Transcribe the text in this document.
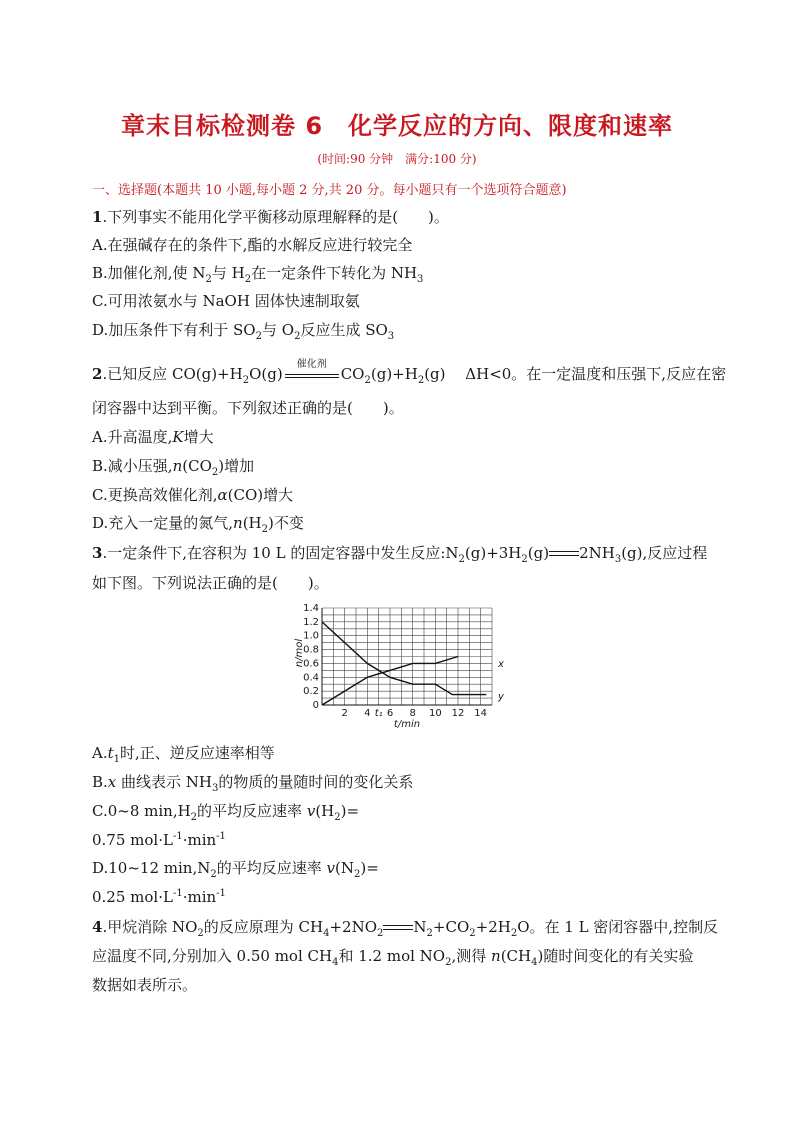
章末目标检测卷 6　化学反应的方向、限度和速率
(时间:90 分钟　满分:100 分)
一、选择题(本题共 10 小题,每小题 2 分,共 20 分。每小题只有一个选项符合题意)
1.下列事实不能用化学平衡移动原理解释的是(　　)。
A.在强碱存在的条件下,酯的水解反应进行较完全
B.加催化剂,使 $N_2$与 $H_2$在一定条件下转化为 $NH_3$
C.可用浓氨水与 NaOH 固体快速制取氨
D.加压条件下有利于 $SO_2$与 $O_2$反应生成 $SO_3$
2.已知反应 $CO(g)+H_2O(g)$
催化剂
$CO_2(g)+H_2(g)$　 ΔH<0。在一定温度和压强下,反应在密
闭容器中达到平衡。下列叙述正确的是(　　)。
A.升高温度,K增大
B.减小压强$,n(CO_2)$增加
C.更换高效催化剂,α(CO)增大
D.充入一定量的氮气$,n(H_2)$不变
3.一定条件下,在容积为 10 L 的固定容器中发生反应$:N_2(g)+3H_2(g)$ $2NH_3(g)$,反应过程
如下图。下列说法正确的是(　　)。
2 4 6 8 10 12 14
0
0.2
0.4
0.6
0.8
1.0
1.2
1.4
t₁
t/min
n/mol	x
y
$A.t_1$时,正、逆反应速率相等
B.x 曲线表示 $NH_3$的物质的量随时间的变化关系
C.0~8 $\min,H_2$的平均反应速率 $v(H_2)=$
0.75 $mol\cdot L^{-1}\cdot\min^{-1}$
D.10~12 $\min,N_2$的平均反应速率 $v(N_2)=$
0.25 $mol\cdot L^{-1}\cdot\min^{-1}$
4.甲烷消除 $NO_2$的反应原理为 $CH_4+2NO_2$ $N_2+CO_2+2H_2O$。在 1 L 密闭容器中,控制反
应温度不同,分别加入 0.50 mol $CH_4$和 1.2 mol $NO_2$,测得 $n(CH_4)$随时间变化的有关实验
数据如表所示。
